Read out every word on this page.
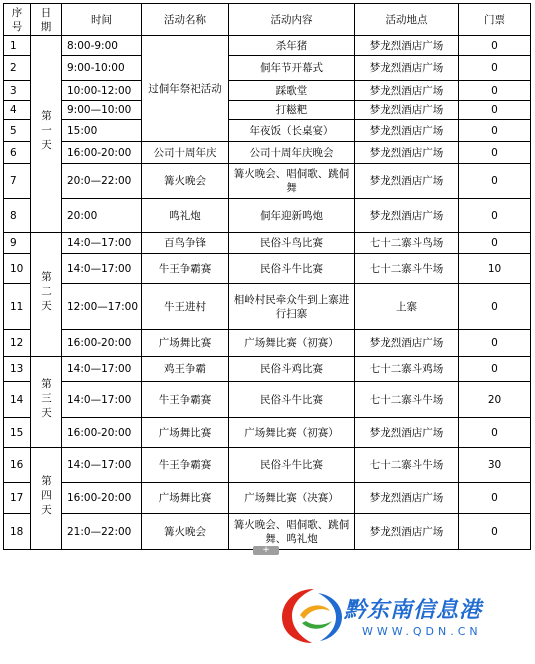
序号	日期	时间	活动名称	活动内容	活动地点	门票
1	第一天	8:00-9:00	过侗年祭祀活动	杀年猪	梦龙烈酒店广场	0
2		9:00-10:00		侗年节开幕式	梦龙烈酒店广场	0
3		10:00-12:00		踩歌堂	梦龙烈酒店广场	0
4		9:00—10:00		打糍粑	梦龙烈酒店广场	0
5		15:00		年夜饭（长桌宴）	梦龙烈酒店广场	0
6		16:00-20:00	公司十周年庆	公司十周年庆晚会	梦龙烈酒店广场	0
7		20:0—22:00	篝火晚会	篝火晚会、唱侗歌、跳侗舞	梦龙烈酒店广场	0
8		20:00	鸣礼炮	侗年迎新鸣炮	梦龙烈酒店广场	0
9	第二天	14:0—17:00	百鸟争锋	民俗斗鸟比赛	七十二寨斗鸟场	0
10		14:0—17:00	牛王争霸赛	民俗斗牛比赛	七十二寨斗牛场	10
11		12:00—17:00	牛王进村	相岭村民牵众牛到上寨进行扫寨	上寨	0
12		16:00-20:00	广场舞比赛	广场舞比赛（初赛）	梦龙烈酒店广场	0
13	第三天	14:0—17:00	鸡王争霸	民俗斗鸡比赛	七十二寨斗鸡场	0
14		14:0—17:00	牛王争霸赛	民俗斗牛比赛	七十二寨斗牛场	20
15		16:00-20:00	广场舞比赛	广场舞比赛（初赛）	梦龙烈酒店广场	0
16	第四天	14:0—17:00	牛王争霸赛	民俗斗牛比赛	七十二寨斗牛场	30
17		16:00-20:00	广场舞比赛	广场舞比赛（决赛）	梦龙烈酒店广场	0
18		21:0—22:00	篝火晚会	篝火晚会、唱侗歌、跳侗舞、鸣礼炮	梦龙烈酒店广场	0
+
黔东南信息港
WWW.QDN.CN
